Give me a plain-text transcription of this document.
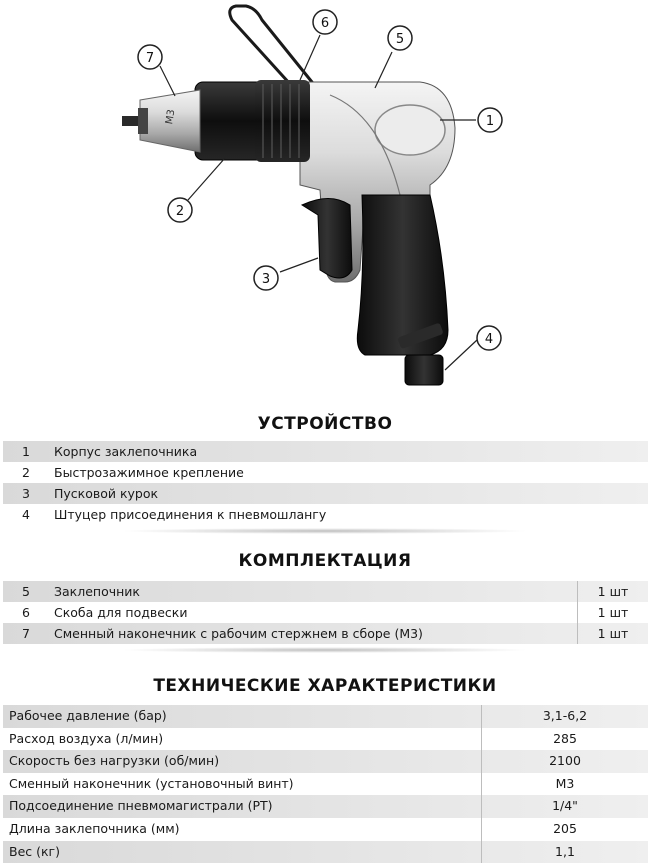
М3	1
2
3
4
5
6
7
УСТРОЙСТВО
1	Корпус заклепочника
2	Быстрозажимное крепление
3	Пусковой курок
4	Штуцер присоединения к пневмошлангу
КОМПЛЕКТАЦИЯ
5	Заклепочник	1 шт
6	Скоба для подвески	1 шт
7	Сменный наконечник с рабочим стержнем в сборе (М3)	1 шт
ТЕХНИЧЕСКИЕ ХАРАКТЕРИСТИКИ
Рабочее давление (бар)	3,1-6,2
Расход воздуха (л/мин)	285
Скорость без нагрузки (об/мин)	2100
Сменный наконечник (установочный винт)	М3
Подсоединение пневмомагистрали (РТ)	1/4"
Длина заклепочника (мм)	205
Вес (кг)	1,1
